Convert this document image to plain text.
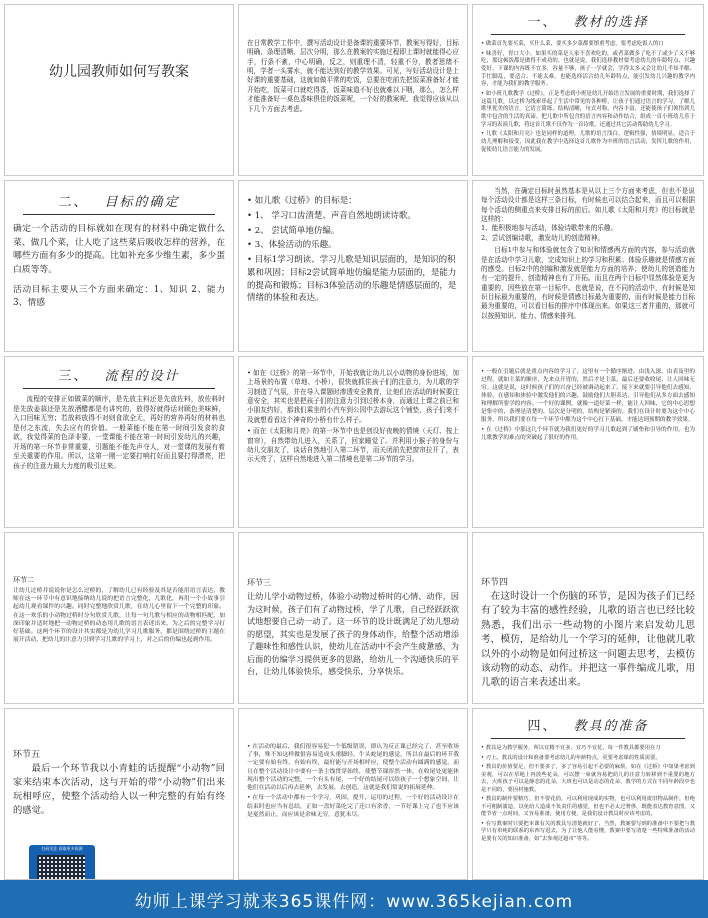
幼儿园教师如何写教案

在日常教学工作中，撰写活动设计是备课的重要环节，教案写得好，目标明确、条理清晰、层次分明，那么在教案的实施过程即上课时就能得心应手，行条不紊，中心明确，反之，则重理不清，轻重不分，教者思绪不明，学者一头雾水，就不能达到好的教学效果。可见，写好活动设计是上好课的重要基础，这就如做平常的吃饭，总要在吃前先把饭菜准备好才能开始吃，饭菜可口就吃得香，饭菜味道不好也就难以下咽，那么，怎么样才能准备好一桌色香味俱佳的饭菜呢，一个好的教案呢，我觉得应该从以下几个方面去考虑。

一、 教材的选择
• 做菜首先要买菜，买什么菜，要买多少菜都要慎重考虑，要考虑吃饭人的口
• 味喜好，胃口大小。如果买的菜是人家不喜欢吃的，或者菜做多了吃不了或少了又不够吃，那这顿饭都是做得不成功的。也就是说，我们选择教材要考虑幼儿的年龄特点、兴趣爱好。下课的内容既不宜多，容量不够，孩子一学就会，学得太多又会让幼儿半知半解、手忙脚乱，要适合、不能太难，也能选择活合幼儿年龄特点，能引发幼儿兴趣的教学内容，才能为我们的教学服务。
• 如小班儿歌教学《过桥》，正是考虑到小班是幼儿开始语言发展的重要时期，我们选择了这篇儿歌，以过桥为线索串起了生活中常见的各种桥，让孩子们通过语言的学习，了解儿歌里优美的语言。它语言简练，结构清晰，句式对称，内容丰富，还能使孩子们领悟到儿歌中包含的生活的真谛。把儿歌中所包含的语言内容和动作结合，组成一首小班幼儿乐于学习的表演儿歌，将这首儿歌不仅作为一首诗歌，还通过其它活动帮助幼儿学习。
• 儿歌《太阳和月亮》也是同样的道理，儿歌的语言浅白，逻辑性强，情境明显，适合于幼儿理解和接受，因此我在教学中选择这首儿歌作为中班的语言活动，发挥儿歌的作用，促使幼儿语言能力的发展。
二、 目标的确定

确定一个活动的目标就如在现有的材料中确定做什么菜、做几个菜，让人吃了这些菜后吸收怎样的营养，在哪些方面有多少的提高。比如补充多少维生素，多少蛋白质等等。

活动目标主要从三个方面来确定：1、知识 2、能力 3、情感

• 如儿歌《过桥》的目标是：
• 1、 学习口齿清楚、声音自然地朗读诗歌。
• 2、 尝试简单地仿编。
• 3、体验活动的乐趣。
• 目标1学习朗读、学习儿歌是知识层面的，是知识的积累和巩固；目标2尝试简单地仿编是能力层面的，是能力的提高和锻炼；目标3体验活动的乐趣是情感层面的，是情绪的体验和表达。

当然，在确定目标时虽然基本是从以上三个方面来考虑，但也不是说每个活动设计都是这样三条目标，有时候也可以结合起来，而且可以根据每个活动的侧重点来安排目标的前后。如儿歌《太阳和月亮》的目标就是这样的：

1、能积极地参与活动，体验诗歌带来的乐趣。

2、尝试创编诗歌，激发幼儿的创造精神。

目标1中参与和体验就包含了知识和情感两方面的内容，参与活动就是在活动中学习儿歌，完成知识上的学习和积累；体验乐趣就是情感方面的感受。目标2中的创编和激发就是能力方面的培养；使幼儿的创造能力有一定的提升，创造精神也有了开拓。而且在两个目标中显然体验是更为重要的，因些放在第一目标中。也就是说，在不同的活动中，有时候是知识目标最为重要的，有时候是情感目标最为重要的，而有时候是能力目标最为重要的，可以看目标的排序中体现出来。如果这三者并重的，那就可以按照知识、能力、情感来排列。

三、 流程的设计

流程的安排正如做菜的顺序，是先放主料还是先放佐料，放佐料时是先放姜蒜还是先放酒醋都是有讲究的，放得好就得话对顾色美味鲜，入口回味无穷；若放料放得不对则食欲全无，再好的营养再好的材料也是付之东流，失去应有的价值。一般菜能不能在第一时间引发食的食欲，我觉得菜的色泽非要，一堂课能不能在第一时间引发幼儿的兴趣，开场的第一环节非常重要，引题能不能先声夺人，对一堂课的发展有着至关重要的作用。所以，这第一刚一定要打响打好而且要打得漂亮，把孩子的注意力最大力度的吸引过来。

• 如在《过桥》的第一环节中，开始我就让幼儿以小动物的身份进场，加上场景的布置（草地、小桥），很快就抓住孩子们的注意力，为儿歌的学习制造了气氛，并在导入课题时渗透安全教育，让他们在活动的时候要注意安全，其实也是把孩子们的注意力引到过桥本身，而通过上课之前已和小朋友约好，那我们乘坐的小汽车到公园中去游玩这个铺垫，孩子们来不及就想看看这个神奇的小桥有什么样子。
• 而在《太阳和月亮》的第一环节中也是创设好夜晚的情境（天灯、按上窗帘），自然带幼儿进入，关系了，回家睡觉了。并利用小猴子的身份与幼儿交朋友了，谈话自然地引入第二环节，而关闭前先把窗帘拉开了，表示天亮了，这样自然地进入第二情境也是第二环节的学习。
• 一般在引题后就是重点内容的学习了，这里有一个循序渐进、由浅入深、由表及里的过程。就如主菜的顺序，先来点开胃的，然后才是主菜，最后还要收收尾，让人回味无穷。这就是说，这时候孩子们的兴奋已经被调动起来了，接下来就要引导他们去感知、体验，在感知和体验中激发他们的兴趣，鼓励他们大胆表达，引导他们从多方面去感知和理解所要学的内容。一个好的课例，就像一道好菜一样，能让人回味，它的中心思想是集中的，条理是清楚的，层次是分明的，结构是紧凑的。我们在设计时要为这个中心服务，所以我们要在每一个环节中都为这个中心打下基础，才能达到预期的教学效果。
• 在《过桥》中那这几个环节就为我们更好的学习儿歌起到了铺垫和引导的作用，也为儿歌教学的难点的突破起了很好的作用。
环节二

让幼儿过桥并说说你是怎么过桥的，了解幼儿已有经验及其是否能用语言表达，教师在这一环节中有意识地接纳幼儿说的把语言完整化，儿歌化，再用一个小故事引起幼儿观看课件的兴趣。同时完整地欣赏儿歌，在幼儿心里留下一个完整的印象。在这一欢乐的小动物过桥时分句欣赏儿歌，让每一句儿歌与相应的动物相匹配，加深印象并适时地把一动物过桥的动态用儿歌的语言表述出来，为之后的完整学习打好基础。这两个环节的设计其实都是为幼儿学习儿歌服务，都是围绕过桥的主题在展开活动，把幼儿的注意力引到学习儿歌的学习上，对之后的仿编也起到作用。

环节三

让幼儿学小动物过桥，体验小动物过桥时的心情、动作，因为这时候，孩子们有了动物过桥，学了儿歌，自己经跃跃欲试地想要自己动一动了。这一环节的设计既满足了幼儿想动的愿望，其实也是发展了孩子的身体动作，给整个活动增添了趣味性和感性认识，使幼儿在活动中不会产生疲惫感，为后面的仿编学习提供更多的思路，给幼儿一个沟通快乐的平台，让幼儿体验快乐，感受快乐，分享快乐。

环节四

在这时设计一个伤脑的环节，是因为孩子们已经有了较为丰富的感性经验，儿歌的语言也已经比较熟悉，我们出示一些动物的小图片来启发幼儿思考，模仿，是给幼儿一个学习的延伸，让他就儿歌以外的小动物是如何过桥这一问题去思考，去模仿该动物的动态、动作。并把这一事件编成儿歌，用儿歌的语言来表述出来。

环节五

最后一个环节我以小青蛙的话提醒“小动物”回家来结束本次活动，这与开始的带“小动物”们出来玩相呼应，使整个活动给人以一种完整的有始有终的感觉。

扫码关注 获取更多资源
• 在活动的最后，我们很容易犯一个低级错误，即认为反正课已经完了，甚至收场了事，殊不知这样做很容易造成头重脚轻、牛头蛇尾的感觉，所以在最后的环节我一定要有始有终，有始有终，最好能与开场相呼应，使整个活动有圆满的感觉。而且在整个活动设计中要有一条主线贯穿始终，使整节课浑然一体，在收尾处更能体现出整个活动的完整，一个有头有尾，一个好的结尾可以给孩子一个想象空间，让他们在活动以后再去延伸，去发展，去创造，这就是我们常说的拓展延伸。
• 在每一个活动中都有一个学习，巩固，提升，运用的过程，一个好的活动设计在结束时也应当有总结，正如一盘好菜吃完了还口有余香，一节好课上完了也不应该是戛然而止，而应该是余味无穷，意犹未尽。
四、 教具的准备
• 教具是为教学服务，所以宜精不宜多，宜巧不宜花，每一件教具都要用在刀
• 刃上。教具的设计和准备要考虑幼儿的年龄特点，更要考虑课的性质需要。
• 教具的价值要足，但不要多了，多了容易引起不必要的麻烦，如在《过桥》中如果考虑到美观，可以在草地上再放些花朵，可以摆一束就容易把幼儿的注意力转移到不重要的地方去，大班孩子可以是静态的花朵，大班也可以是动态的花朵，教学的方式在不同年龄段中也是不同的，要因材施教。
• 教具的制作要精巧，但不要花俏，可以利用现成的实物，也可以利用废旧物品制作，但绝不可粗制滥造，以免给人造成不负责任的感觉，但也不必太过奢侈，既能表达教育意图，又能节省一点时间，又容易准备，使用方便，是我们设计教具时应该考虑的。
• 在写教案时只要把本课有关的教具写清楚就好了，当然，教案要写到的准备中不要把与教学只有单纯的联系的东西写进去，为了让他人能看懂，教案中要写清楚一些特殊准备的活动是要有关的知识准备，如“去参观过超市”等等。
幼师上课学习就来365课件网：www.365kejian.com
